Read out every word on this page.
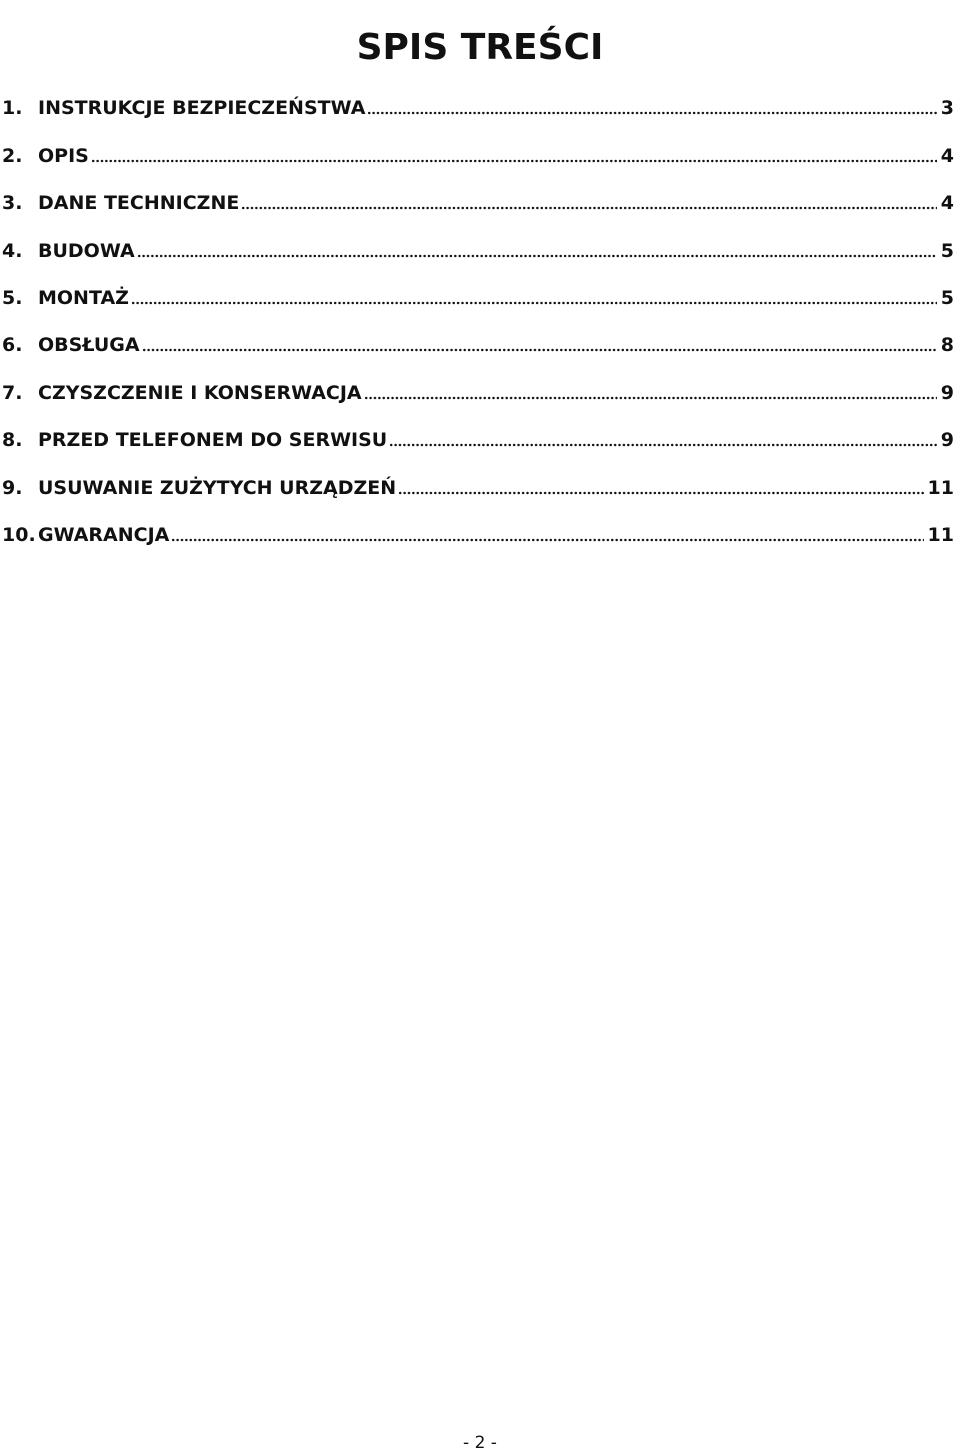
SPIS TREŚCI
1. INSTRUKCJE BEZPIECZEŃSTWA	3
2. OPIS	4
3. DANE TECHNICZNE	4
4. BUDOWA	5
5. MONTAŻ	5
6. OBSŁUGA	8
7. CZYSZCZENIE I KONSERWACJA	9
8. PRZED TELEFONEM DO SERWISU	9
9. USUWANIE ZUŻYTYCH URZĄDZEŃ	11
10. GWARANCJA	11
- 2 -
